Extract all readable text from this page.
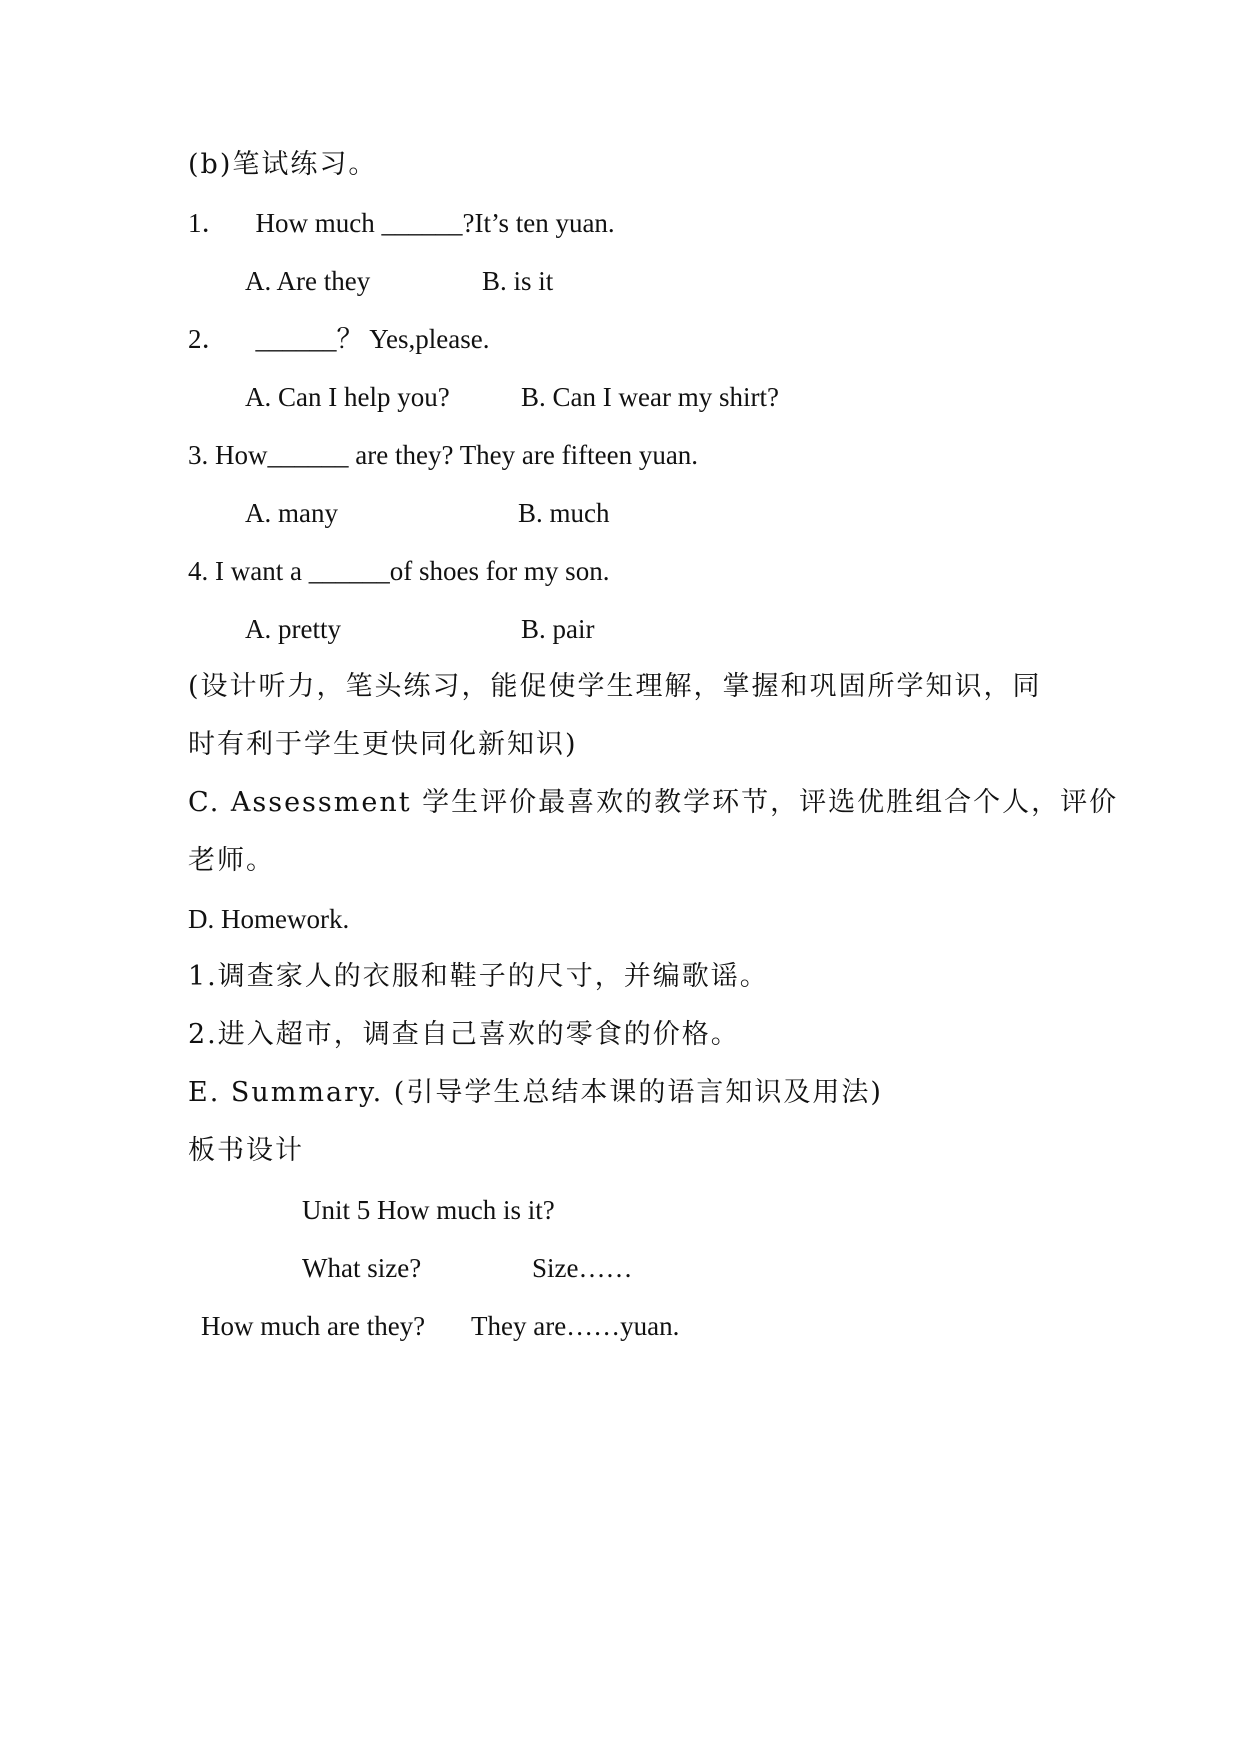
(b)笔试练习。
1．    How much ______?It’s ten yuan.
A. Are they	B. is it
2．    ______？ Yes,please.
A. Can I help you?	B. Can I wear my shirt?
3. How______ are they? They are fifteen yuan.
A. many	B. much
4. I want a ______of shoes for my son.
A. pretty	B. pair
(设计听力，笔头练习，能促使学生理解，掌握和巩固所学知识，同
时有利于学生更快同化新知识)
C. Assessment 学生评价最喜欢的教学环节，评选优胜组合个人，评价
老师。
D. Homework.
1.调查家人的衣服和鞋子的尺寸，并编歌谣。
2.进入超市，调查自己喜欢的零食的价格。
E. Summary. (引导学生总结本课的语言知识及用法)
板书设计
Unit 5 How much is it?
What size?	Size……
How much are they? They are……yuan.
